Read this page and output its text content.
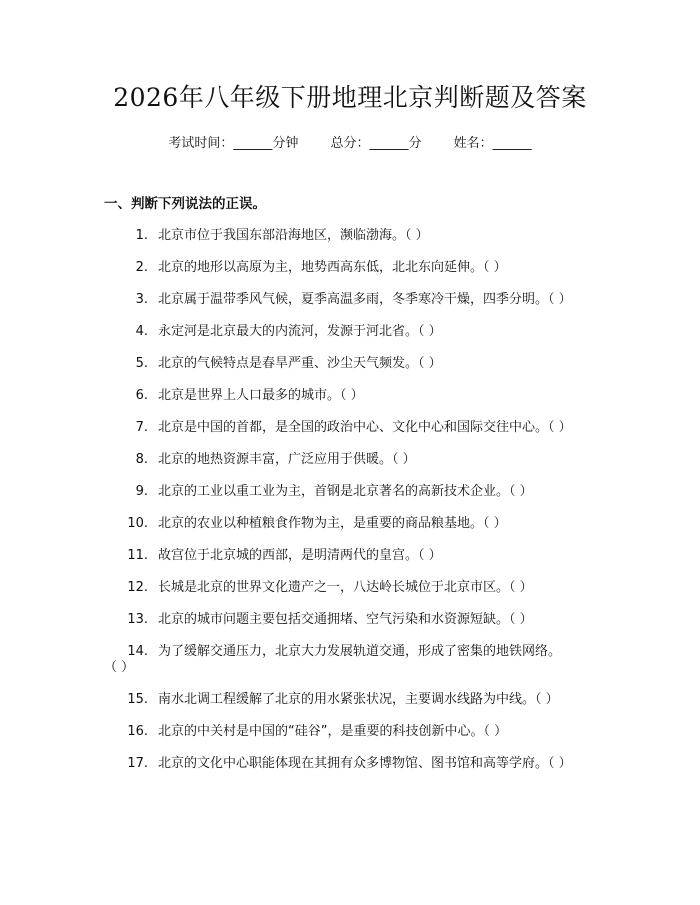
2026年八年级下册地理北京判断题及答案
考试时间：______分钟 总分：______分 姓名：______
一、判断下列说法的正误。
1. 北京市位于我国东部沿海地区，濒临渤海。（ ）
2. 北京的地形以高原为主，地势西高东低，北北东向延伸。（ ）
3. 北京属于温带季风气候，夏季高温多雨，冬季寒冷干燥，四季分明。（ ）
4. 永定河是北京最大的内流河，发源于河北省。（ ）
5. 北京的气候特点是春旱严重、沙尘天气频发。（ ）
6. 北京是世界上人口最多的城市。（ ）
7. 北京是中国的首都，是全国的政治中心、文化中心和国际交往中心。（ ）
8. 北京的地热资源丰富，广泛应用于供暖。（ ）
9. 北京的工业以重工业为主，首钢是北京著名的高新技术企业。（ ）
10. 北京的农业以种植粮食作物为主，是重要的商品粮基地。（ ）
11. 故宫位于北京城的西部，是明清两代的皇宫。（ ）
12. 长城是北京的世界文化遗产之一，八达岭长城位于北京市区。（ ）
13. 北京的城市问题主要包括交通拥堵、空气污染和水资源短缺。（ ）
14. 为了缓解交通压力，北京大力发展轨道交通，形成了密集的地铁网络。
（ ）
15. 南水北调工程缓解了北京的用水紧张状况，主要调水线路为中线。（ ）
16. 北京的中关村是中国的“硅谷”，是重要的科技创新中心。（ ）
17. 北京的文化中心职能体现在其拥有众多博物馆、图书馆和高等学府。（ ）
